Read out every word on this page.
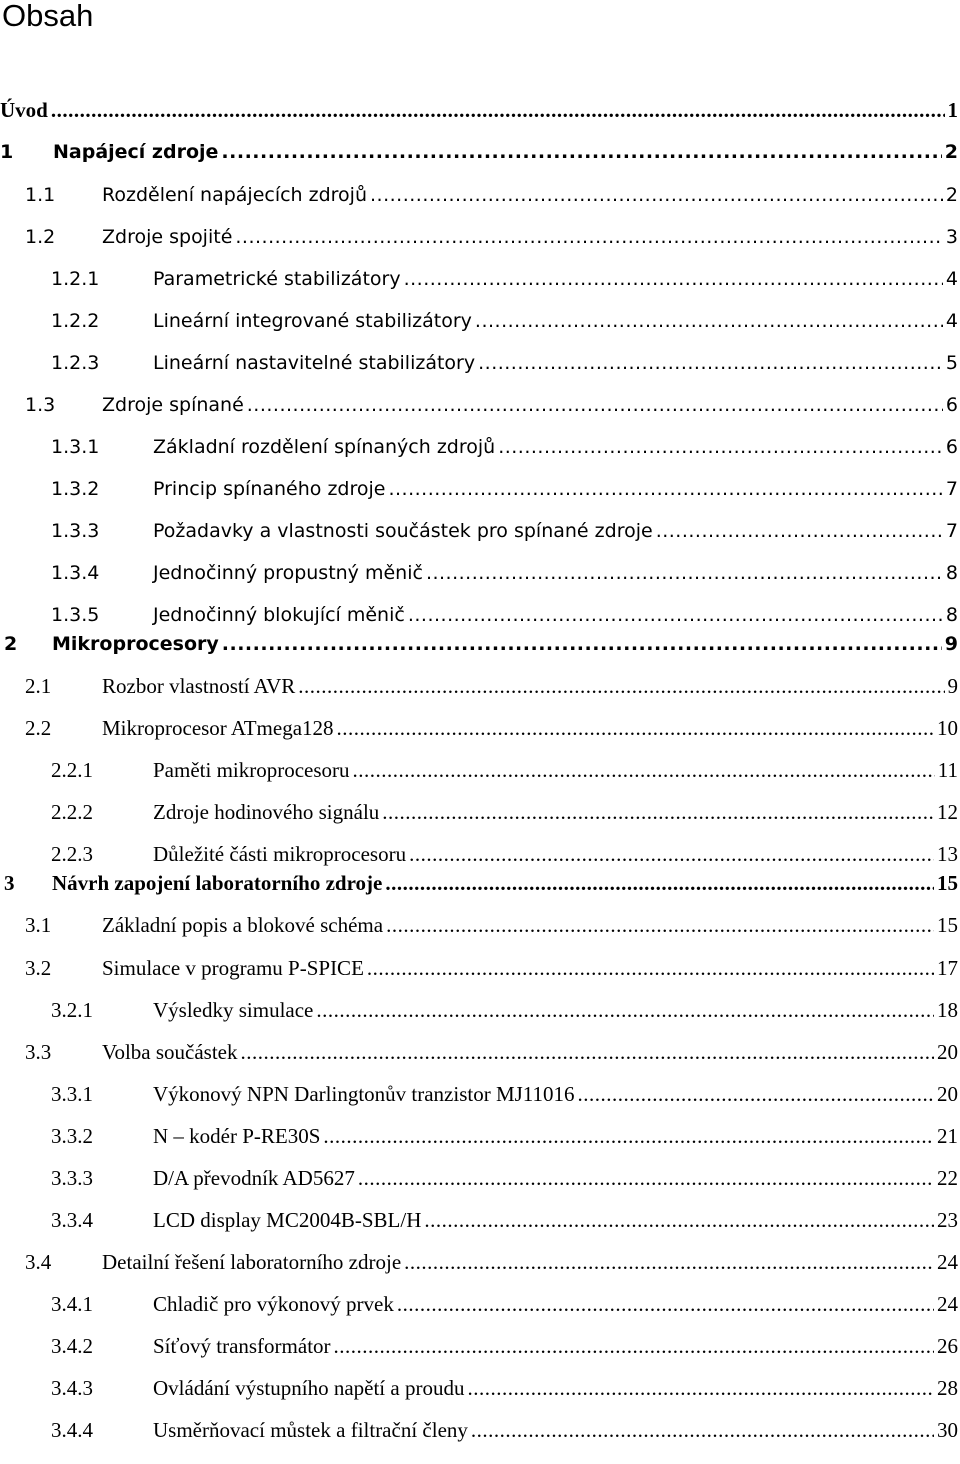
Obsah
Úvod .....	1
1	Napájecí zdroje .....	2
1.1	Rozdělení napájecích zdrojů .....	2
1.2	Zdroje spojité .....	3
1.2.1	Parametrické stabilizátory .....	4
1.2.2	Lineární integrované stabilizátory .....	4
1.2.3	Lineární nastavitelné stabilizátory .....	5
1.3	Zdroje spínané .....	6
1.3.1	Základní rozdělení spínaných zdrojů .....	6
1.3.2	Princip spínaného zdroje .....	7
1.3.3	Požadavky a vlastnosti součástek pro spínané zdroje .....	7
1.3.4	Jednočinný propustný měnič .....	8
1.3.5	Jednočinný blokující měnič .....	8
2	Mikroprocesory .....	9
2.1	Rozbor vlastností AVR .....	9
2.2	Mikroprocesor ATmega128 .....	10
2.2.1	Paměti mikroprocesoru .....	11
2.2.2	Zdroje hodinového signálu .....	12
2.2.3	Důležité části mikroprocesoru .....	13
3	Návrh zapojení laboratorního zdroje .....	15
3.1	Základní popis a blokové schéma .....	15
3.2	Simulace v programu P-SPICE .....	17
3.2.1	Výsledky simulace .....	18
3.3	Volba součástek .....	20
3.3.1	Výkonový NPN Darlingtonův tranzistor MJ11016 .....	20
3.3.2	N – kodér P-RE30S .....	21
3.3.3	D/A převodník AD5627 .....	22
3.3.4	LCD display MC2004B-SBL/H .....	23
3.4	Detailní řešení laboratorního zdroje .....	24
3.4.1	Chladič pro výkonový prvek .....	24
3.4.2	Síťový transformátor .....	26
3.4.3	Ovládání výstupního napětí a proudu .....	28
3.4.4	Usměrňovací můstek a filtrační členy .....	30
